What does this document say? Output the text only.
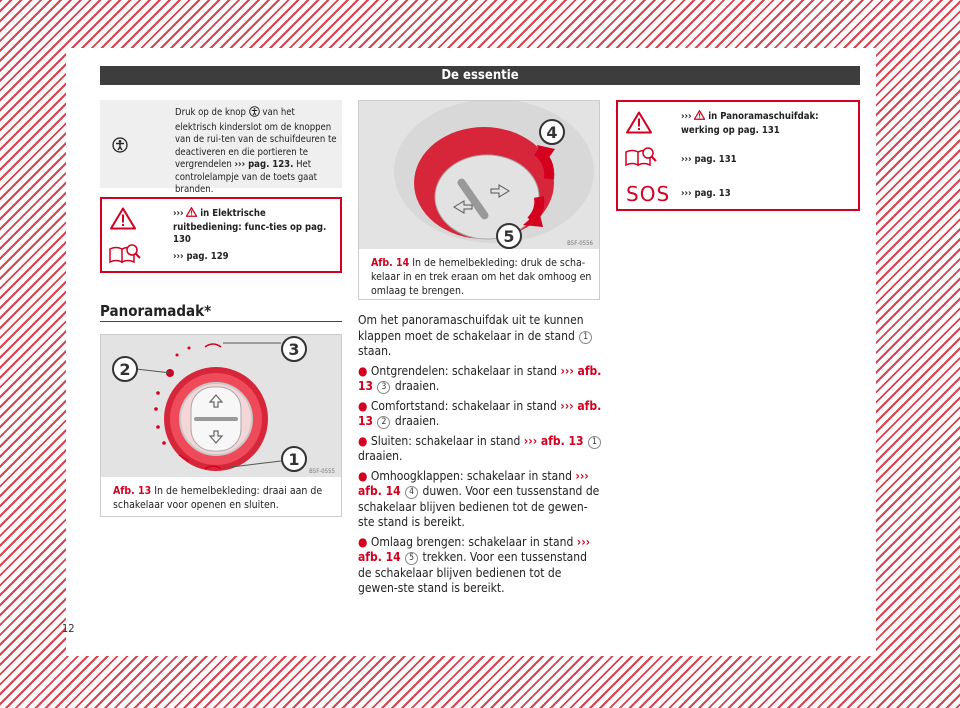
De essentie
Druk op de knop  van het elektrisch kinderslot om de knoppen van de rui-ten van de schuifdeuren te deactiveren en die portieren te vergrendelen ››› pag. 123. Het controlelampje van de toets gaat branden.
›››  in Elektrische ruitbediening: func-ties op pag. 130
››› pag. 129
Panoramadak*
3
1
2
B5F-0555
Afb. 13 In de hemelbekleding: draai aan de schakelaar voor openen en sluiten.
4
5	B5F-0556
Afb. 14 In de hemelbekleding: druk de scha-kelaar in en trek eraan om het dak omhoog en omlaag te brengen.
Om het panoramaschuifdak uit te kunnen klappen moet de schakelaar in de stand 1 staan.
● Ontgrendelen: schakelaar in stand ››› afb. 13 3 draaien.
● Comfortstand: schakelaar in stand ››› afb. 13 2 draaien.
● Sluiten: schakelaar in stand ››› afb. 13 1 draaien.
● Omhoogklappen: schakelaar in stand ››› afb. 14 4 duwen. Voor een tussenstand de schakelaar blijven bedienen tot de gewen-ste stand is bereikt.
● Omlaag brengen: schakelaar in stand ››› afb. 14 5 trekken. Voor een tussenstand de schakelaar blijven bedienen tot de gewen-ste stand is bereikt.
›››  in Panoramaschuifdak: werking op pag. 131
››› pag. 131
SOS ››› pag. 13
12
